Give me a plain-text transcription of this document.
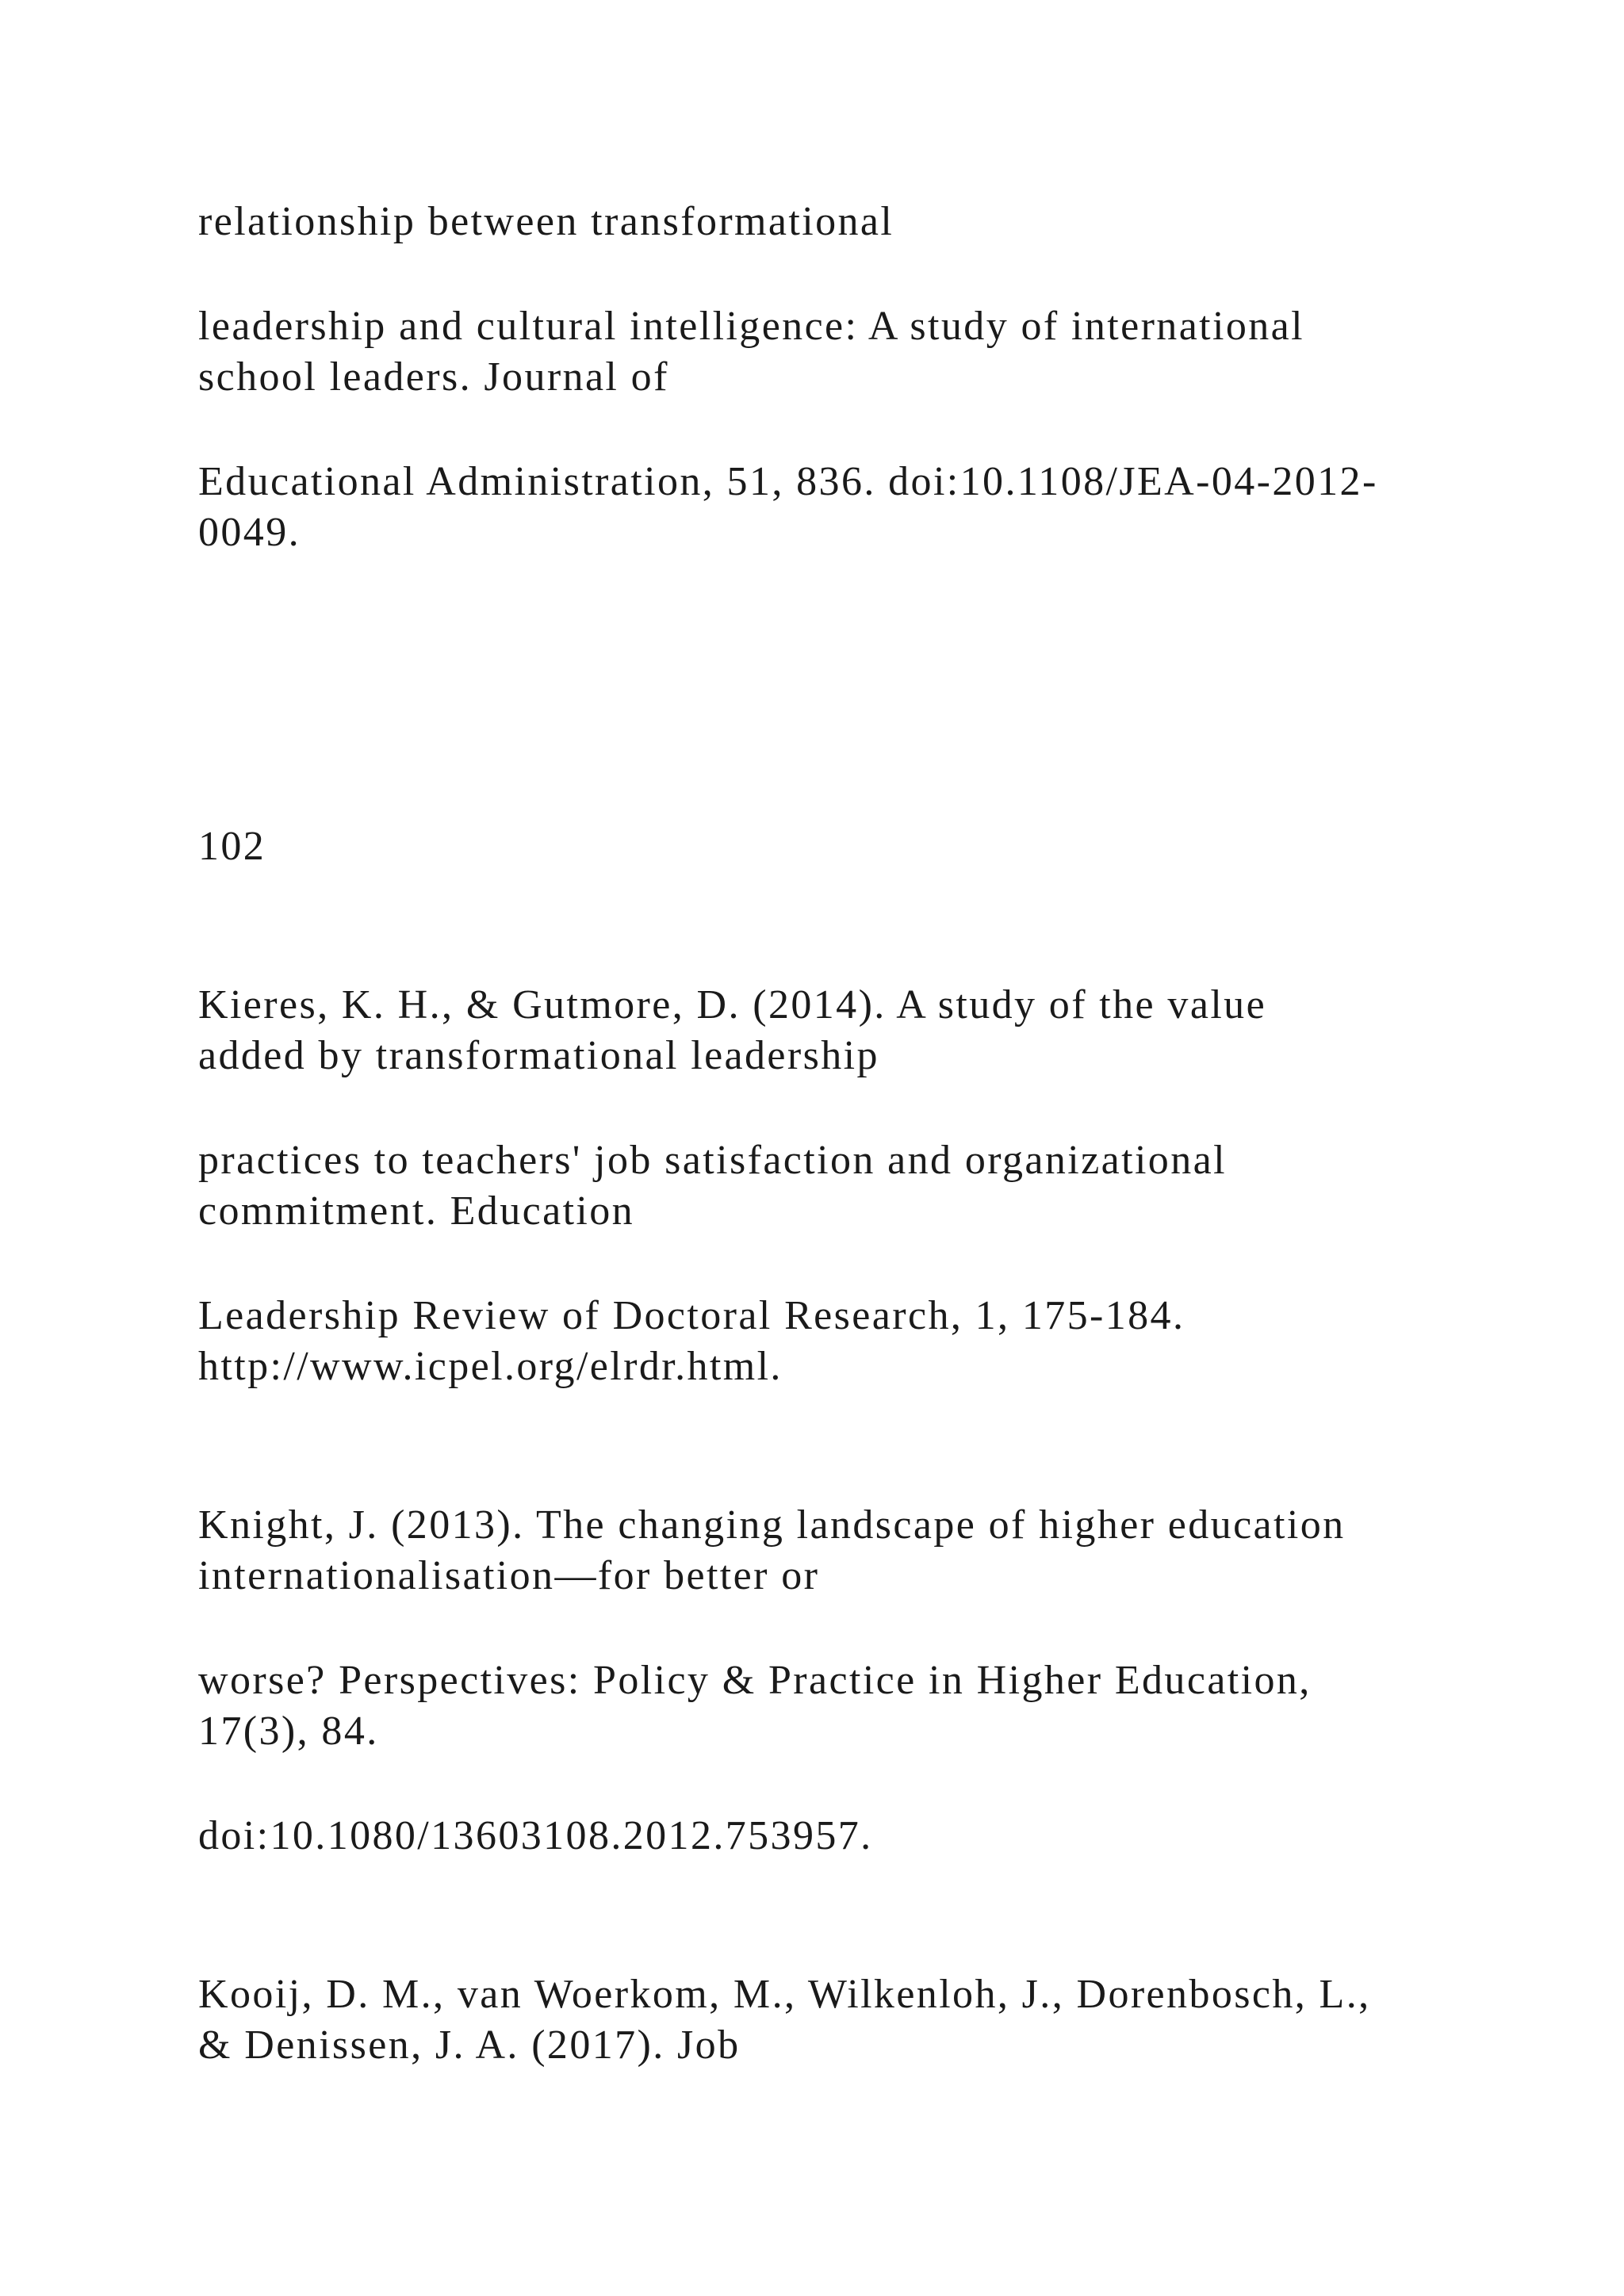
relationship between transformational

leadership and cultural intelligence: A study of international

school leaders. Journal of

Educational Administration, 51, 836. doi:10.1108/JEA-04-2012-

0049.

102

Kieres, K. H., & Gutmore, D. (2014). A study of the value

added by transformational leadership

practices to teachers' job satisfaction and organizational

commitment. Education

Leadership Review of Doctoral Research, 1, 175-184.

http://www.icpel.org/elrdr.html.

Knight, J. (2013). The changing landscape of higher education

internationalisation—for better or

worse? Perspectives: Policy & Practice in Higher Education,

17(3), 84.

doi:10.1080/13603108.2012.753957.

Kooij, D. M., van Woerkom, M., Wilkenloh, J., Dorenbosch, L.,

& Denissen, J. A. (2017). Job
